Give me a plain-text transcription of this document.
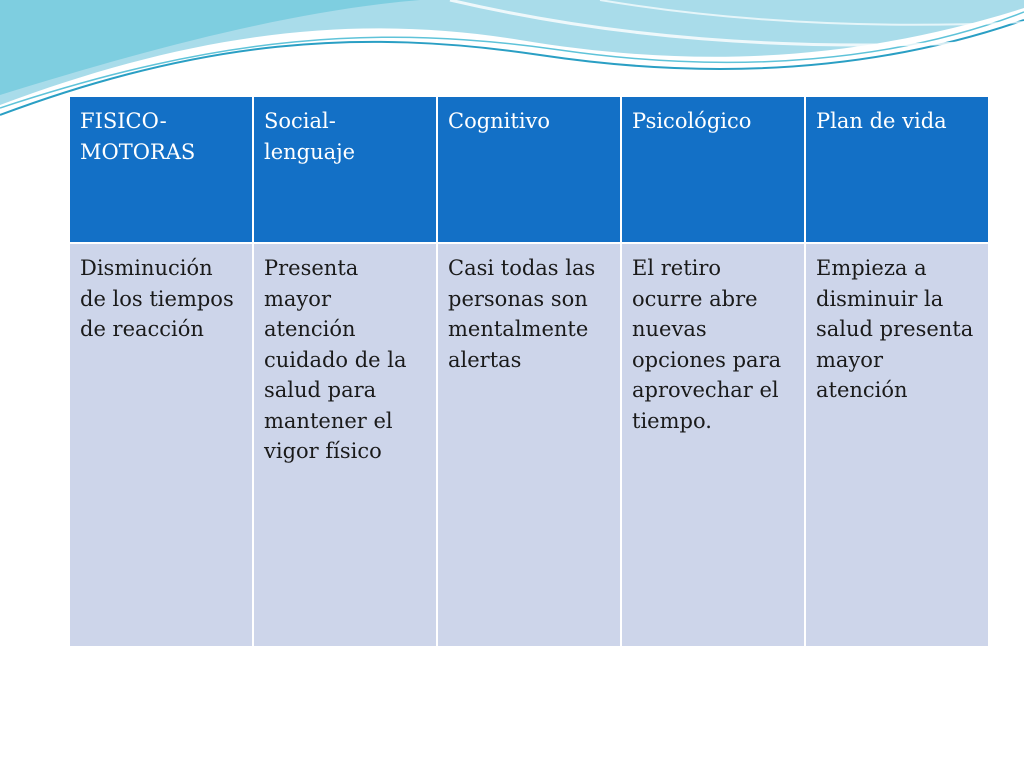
FISICO-
MOTORAS	Social-
lenguaje	Cognitivo	Psicológico	Plan de vida

Disminución de los tiempos de reacción	Presenta mayor atención cuidado de la salud para mantener el vigor físico	Casi todas las personas son mentalmente alertas	El retiro ocurre abre nuevas opciones para aprovechar el tiempo.	Empieza a disminuir la salud presenta mayor atención
